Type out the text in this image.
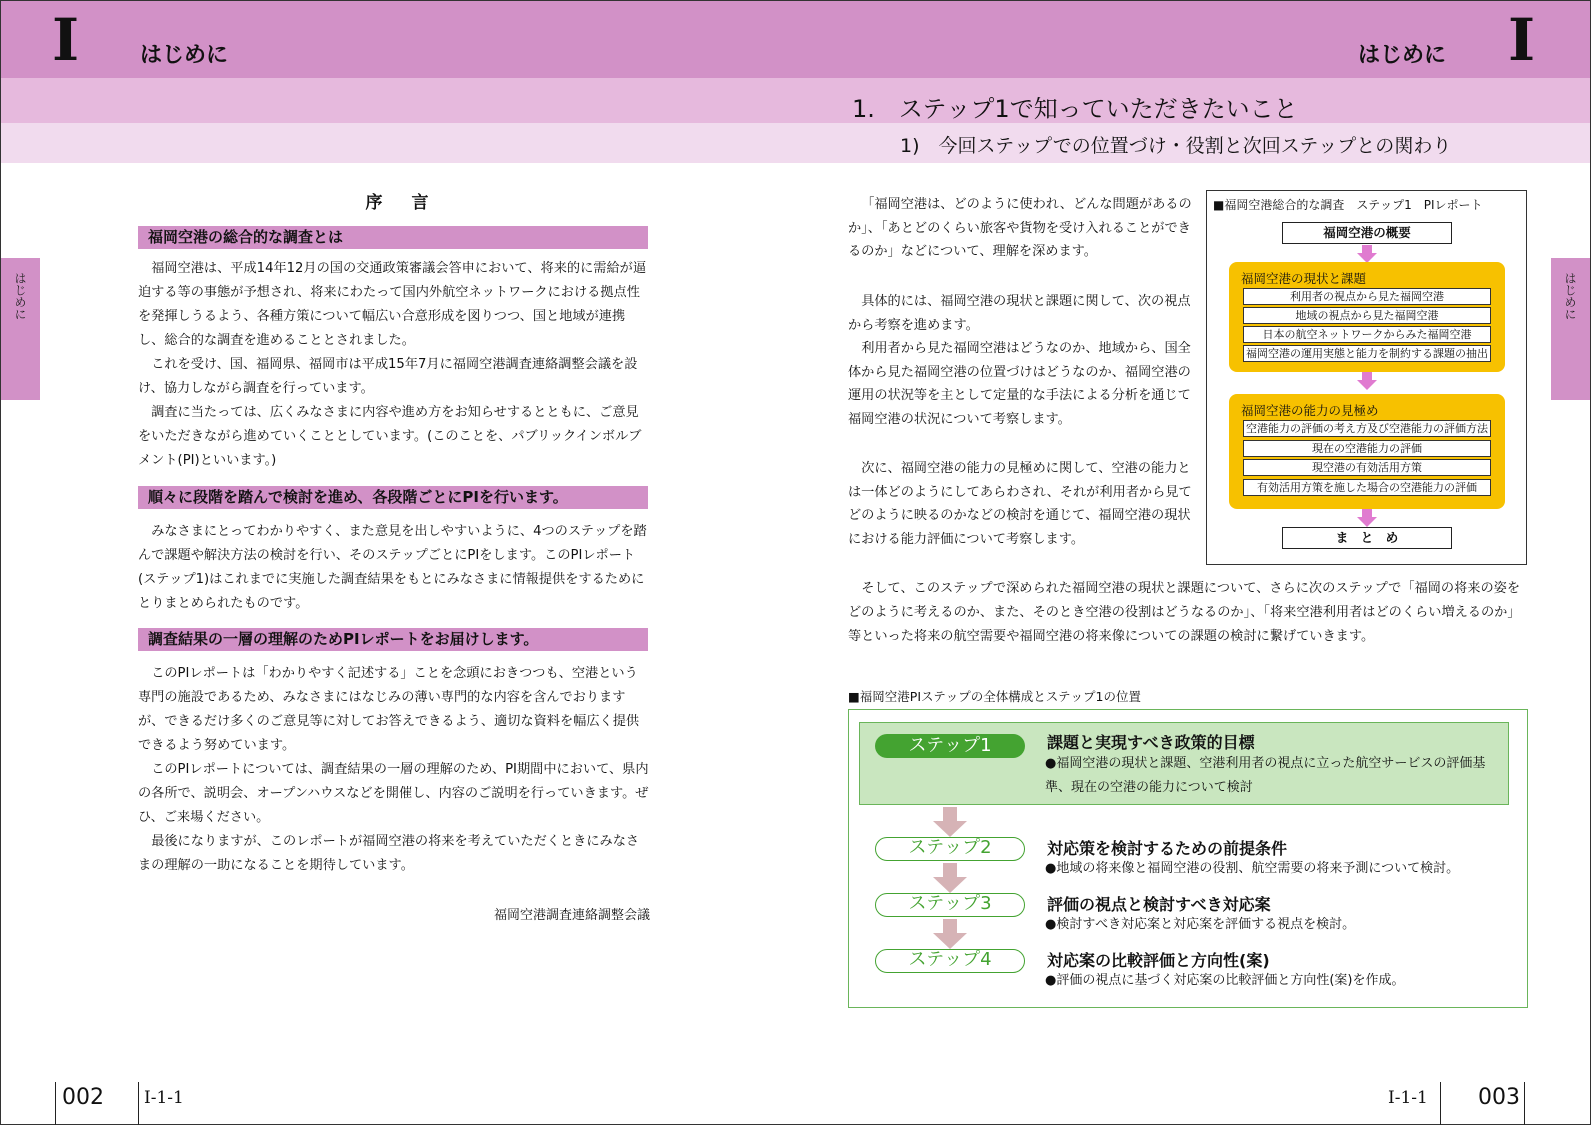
I	はじめに	はじめに I
1.　ステップ1で知っていただきたいこと
1)　今回ステップでの位置づけ・役割と次回ステップとの関わり
はじめに	はじめに
序　言
福岡空港の総合的な調査とは

福岡空港は、平成14年12月の国の交通政策審議会答申において、将来的に需給が逼迫する等の事態が予想され、将来にわたって国内外航空ネットワークにおける拠点性を発揮しうるよう、各種方策について幅広い合意形成を図りつつ、国と地域が連携し、総合的な調査を進めることとされました。

これを受け、国、福岡県、福岡市は平成15年7月に福岡空港調査連絡調整会議を設け、協力しながら調査を行っています。

調査に当たっては、広くみなさまに内容や進め方をお知らせするとともに、ご意見をいただきながら進めていくこととしています。(このことを、パブリックインボルブメント(PI)といいます。)

順々に段階を踏んで検討を進め、各段階ごとにPIを行います。

みなさまにとってわかりやすく、また意見を出しやすいように、4つのステップを踏んで課題や解決方法の検討を行い、そのステップごとにPIをします。このPIレポート(ステップ1)はこれまでに実施した調査結果をもとにみなさまに情報提供をするためにとりまとめられたものです。

調査結果の一層の理解のためPIレポートをお届けします。

このPIレポートは「わかりやすく記述する」ことを念頭におきつつも、空港という専門の施設であるため、みなさまにはなじみの薄い専門的な内容を含んでおりますが、できるだけ多くのご意見等に対してお答えできるよう、適切な資料を幅広く提供できるよう努めています。

このPIレポートについては、調査結果の一層の理解のため、PI期間中において、県内の各所で、説明会、オープンハウスなどを開催し、内容のご説明を行っていきます。ぜひ、ご来場ください。

最後になりますが、このレポートが福岡空港の将来を考えていただくときにみなさまの理解の一助になることを期待しています。

福岡空港調査連絡調整会議

「福岡空港は、どのように使われ、どんな問題があるのか」、「あとどのくらい旅客や貨物を受け入れることができるのか」などについて、理解を深めます。

具体的には、福岡空港の現状と課題に関して、次の視点から考察を進めます。

利用者から見た福岡空港はどうなのか、地域から、国全体から見た福岡空港の位置づけはどうなのか、福岡空港の運用の状況等を主として定量的な手法による分析を通じて福岡空港の状況について考察します。

次に、福岡空港の能力の見極めに関して、空港の能力とは一体どのようにしてあらわされ、それが利用者から見てどのように映るのかなどの検討を通じて、福岡空港の現状における能力評価について考察します。

そして、このステップで深められた福岡空港の現状と課題について、さらに次のステップで「福岡の将来の姿をどのように考えるのか、また、そのとき空港の役割はどうなるのか」、「将来空港利用者はどのくらい増えるのか」等といった将来の航空需要や福岡空港の将来像についての課題の検討に繋げていきます。

■福岡空港総合的な調査　ステップ1　PIレポート
福岡空港の概要
福岡空港の現状と課題
利用者の視点から見た福岡空港
地域の視点から見た福岡空港
日本の航空ネットワークからみた福岡空港
福岡空港の運用実態と能力を制約する課題の抽出
福岡空港の能力の見極め
空港能力の評価の考え方及び空港能力の評価方法
現在の空港能力の評価
現空港の有効活用方策
有効活用方策を施した場合の空港能力の評価
ま　と　め
■福岡空港PIステップの全体構成とステップ1の位置
ステップ1	課題と実現すべき政策的目標
●福岡空港の現状と課題、空港利用者の視点に立った航空サービスの評価基準、現在の空港の能力について検討
ステップ2	対応策を検討するための前提条件
●地域の将来像と福岡空港の役割、航空需要の将来予測について検討。
ステップ3	評価の視点と検討すべき対応案
●検討すべき対応案と対応案を評価する視点を検討。
ステップ4	対応案の比較評価と方向性(案)
●評価の視点に基づく対応案の比較評価と方向性(案)を作成。
002 I-1-1	I-1-1 003
